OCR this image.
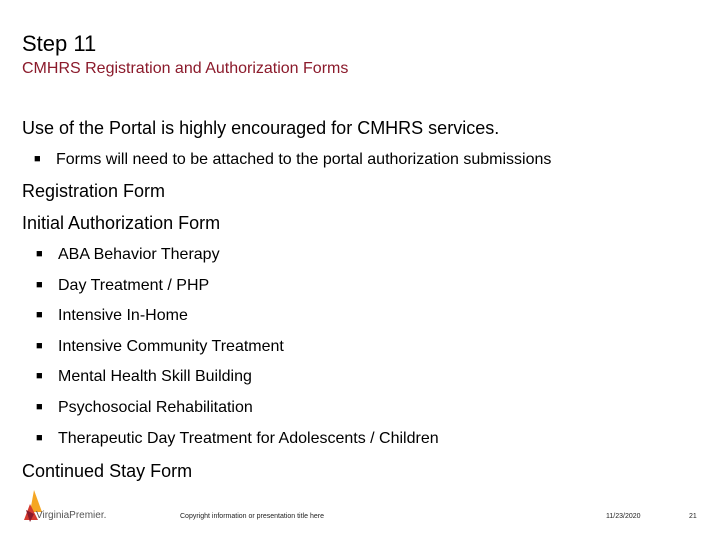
Step 11
CMHRS Registration and Authorization Forms
Use of the Portal is highly encouraged for CMHRS services.
■ Forms will need to be attached to the portal authorization submissions
Registration Form
Initial Authorization Form
■ ABA Behavior Therapy
■ Day Treatment / PHP
■ Intensive In-Home
■ Intensive Community Treatment
■ Mental Health Skill Building
■ Psychosocial Rehabilitation
■ Therapeutic Day Treatment for Adolescents / Children
Continued Stay Form
VirginiaPremier.	Copyright information or presentation title here	11/23/2020	21
